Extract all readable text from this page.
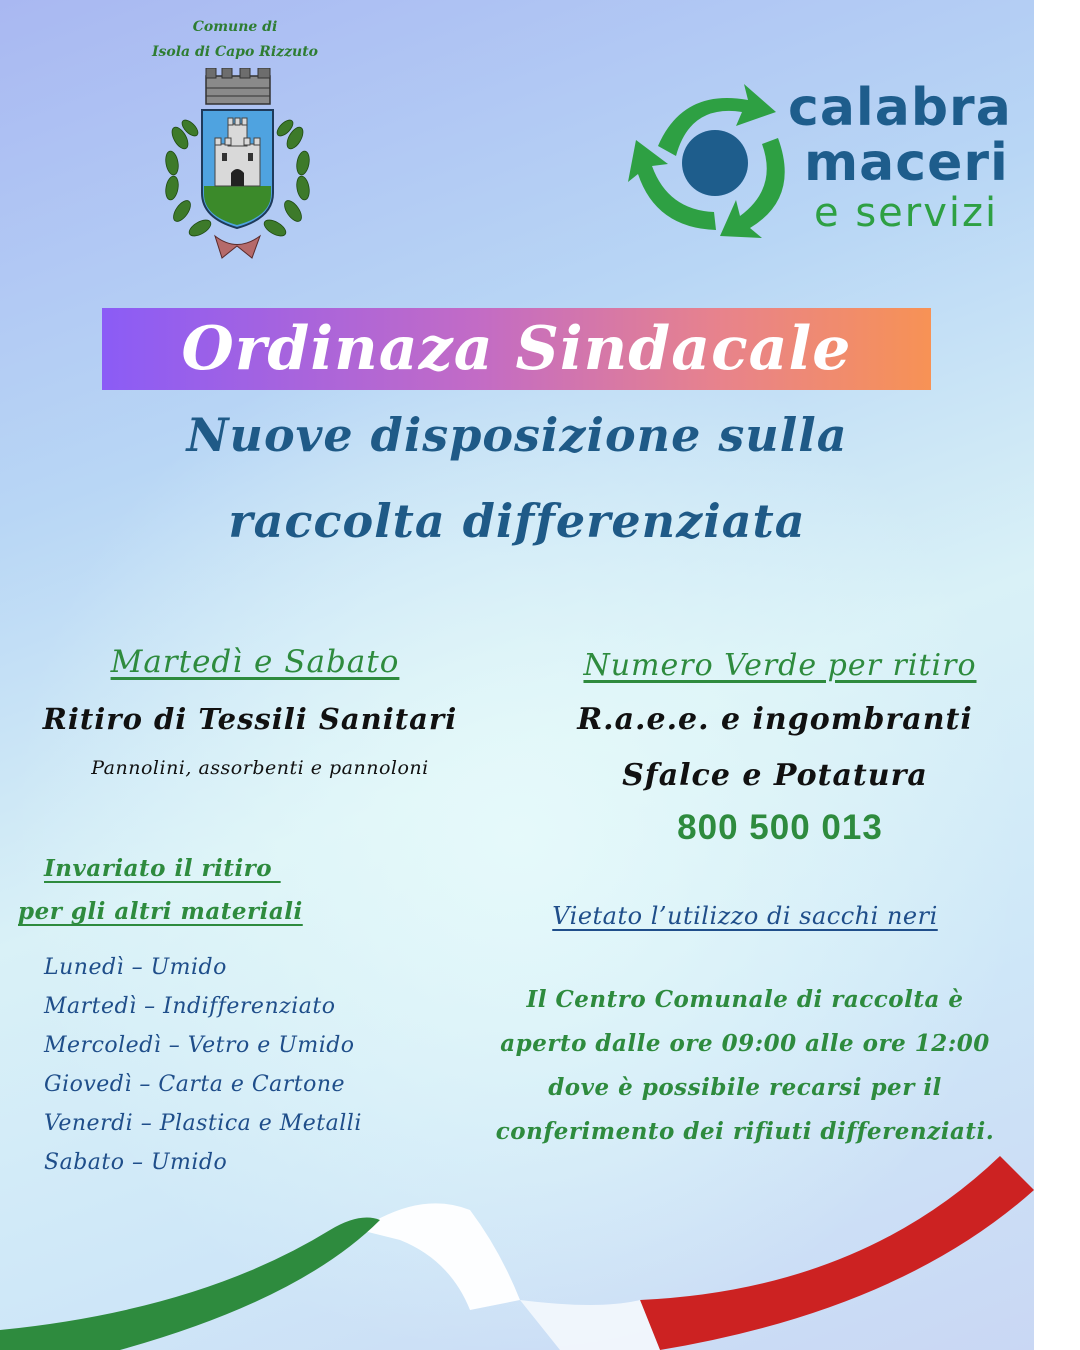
Comune di
Isola di Capo Rizzuto
calabra
maceri
e servizi
Ordinaza Sindacale
Nuove disposizione sulla
raccolta differenziata
Martedì e Sabato
Ritiro di Tessili Sanitari
Pannolini, assorbenti e pannoloni
Invariato il ritiro
per gli altri materiali
Lunedì – Umido
Martedì – Indifferenziato
Mercoledì – Vetro e Umido
Giovedì – Carta e Cartone
Venerdi – Plastica e Metalli
Sabato – Umido
Numero Verde per ritiro
R.a.e.e. e ingombranti
Sfalce e Potatura
800 500 013
Vietato l’utilizzo di sacchi neri
Il Centro Comunale di raccolta è
aperto dalle ore 09:00 alle ore 12:00
dove è possibile recarsi per il
conferimento dei rifiuti differenziati.
